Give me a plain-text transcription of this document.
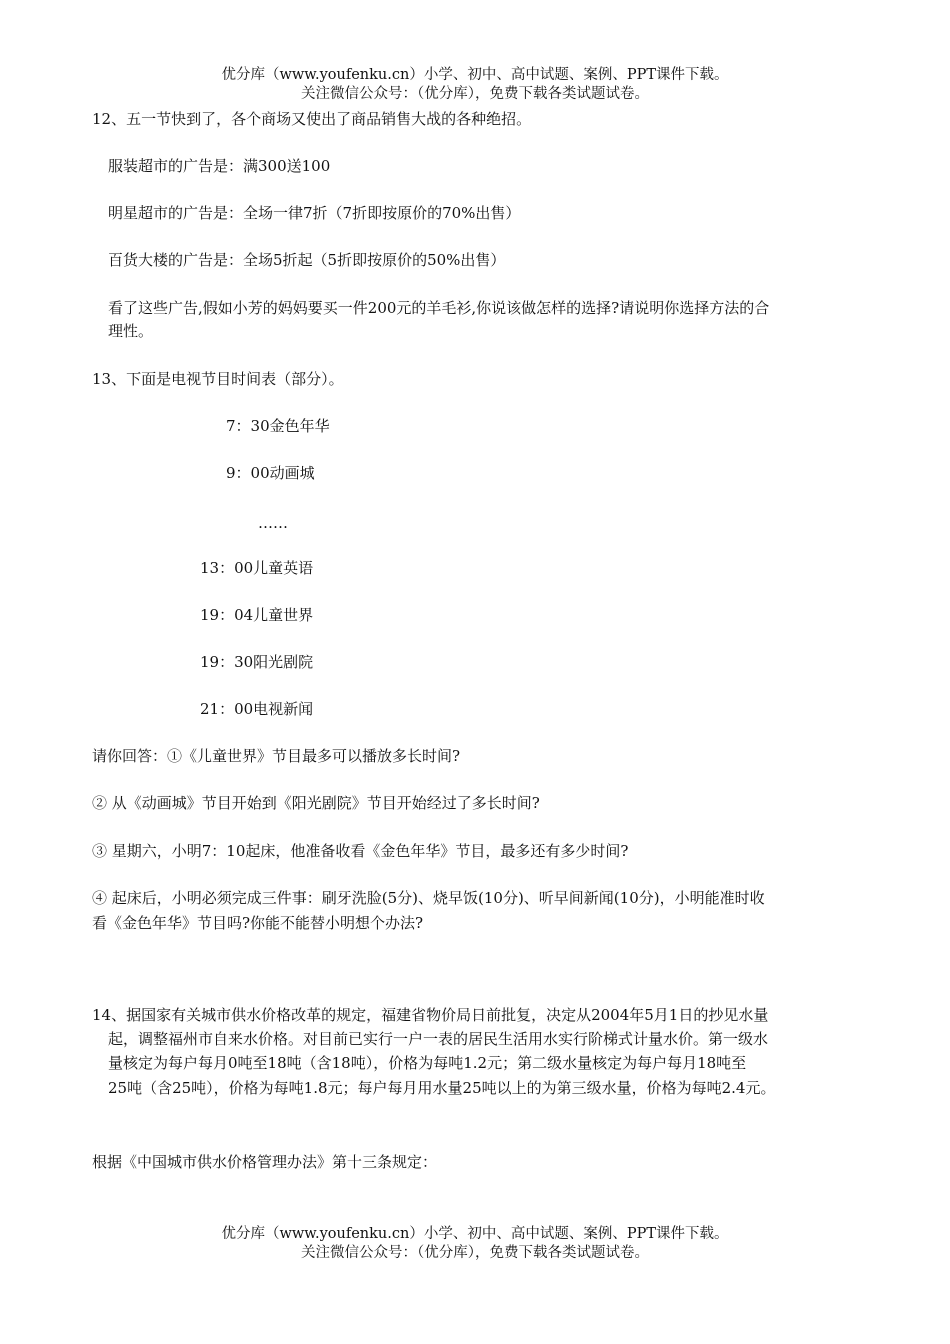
优分库（www.youfenku.cn）小学、初中、高中试题、案例、PPT课件下载。
关注微信公众号：（优分库），免费下载各类试题试卷。
12、五一节快到了，各个商场又使出了商品销售大战的各种绝招。
服装超市的广告是：满300送100
明星超市的广告是：全场一律7折（7折即按原价的70%出售）
百货大楼的广告是：全场5折起（5折即按原价的50%出售）
看了这些广告,假如小芳的妈妈要买一件200元的羊毛衫,你说该做怎样的选择?请说明你选择方法的合
理性。
13、下面是电视节目时间表（部分）。
7：30金色年华
9：00动画城
……
13：00儿童英语
19：04儿童世界
19：30阳光剧院
21：00电视新闻
请你回答：①《儿童世界》节目最多可以播放多长时间?
② 从《动画城》节目开始到《阳光剧院》节目开始经过了多长时间?
③ 星期六，小明7：10起床，他准备收看《金色年华》节目，最多还有多少时间?
④ 起床后，小明必须完成三件事：刷牙洗脸(5分)、烧早饭(10分)、听早间新闻(10分)，小明能准时收
看《金色年华》节目吗?你能不能替小明想个办法?
14、据国家有关城市供水价格改革的规定，福建省物价局日前批复，决定从2004年5月1日的抄见水量
起，调整福州市自来水价格。对目前已实行一户一表的居民生活用水实行阶梯式计量水价。第一级水
量核定为每户每月0吨至18吨（含18吨），价格为每吨1.2元；第二级水量核定为每户每月18吨至
25吨（含25吨），价格为每吨1.8元；每户每月用水量25吨以上的为第三级水量，价格为每吨2.4元。
根据《中国城市供水价格管理办法》第十三条规定：
优分库（www.youfenku.cn）小学、初中、高中试题、案例、PPT课件下载。
关注微信公众号：（优分库），免费下载各类试题试卷。
